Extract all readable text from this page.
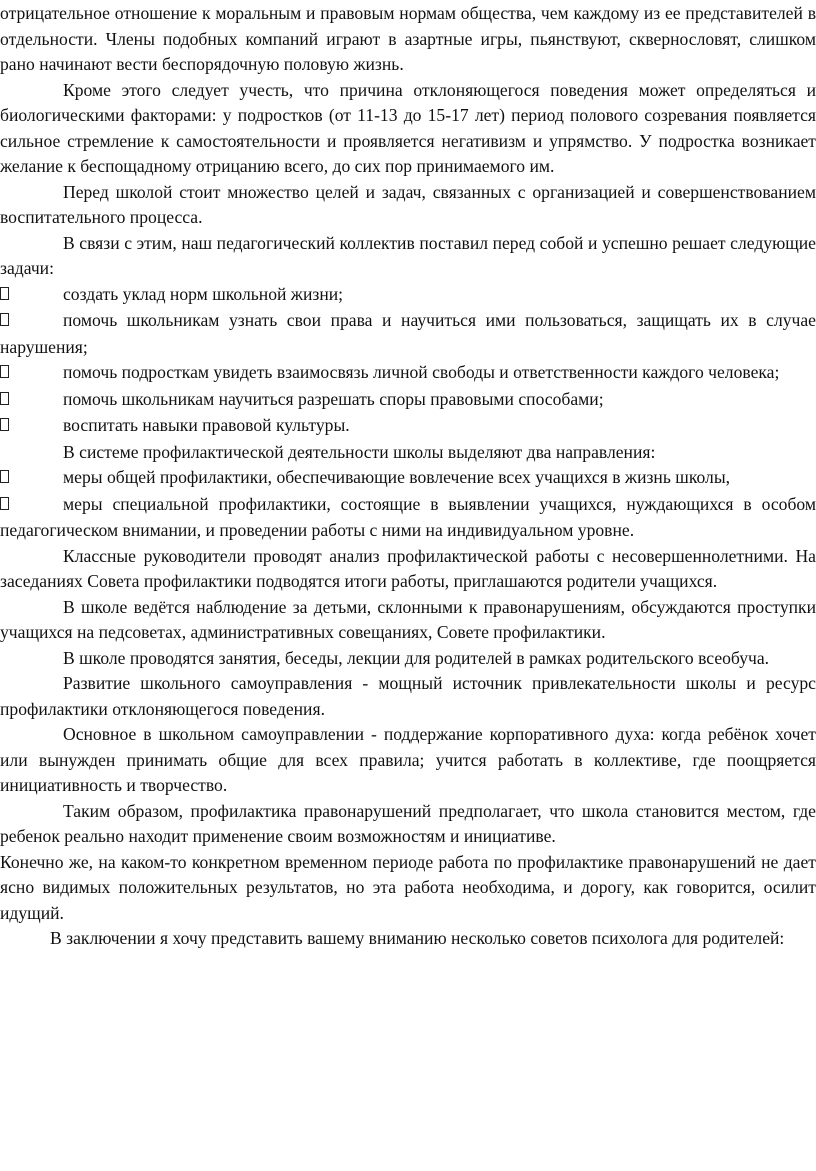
отрицательное отношение к моральным и правовым нормам общества, чем каждому из ее представителей в отдельности. Члены подобных компаний играют в азартные игры, пьянствуют, сквернословят, слишком рано начинают вести беспорядочную половую жизнь.

Кроме этого следует учесть, что причина отклоняющегося поведения может определяться и биологическими факторами: у подростков (от 11-13 до 15-17 лет) период полового созревания появляется сильное стремление к самостоятельности и проявляется негативизм и упрямство. У подростка возникает желание к беспощадному отрицанию всего, до сих пор принимаемого им.

Перед школой стоит множество целей и задач, связанных с организацией и совершенствованием воспитательного процесса.

В связи с этим, наш педагогический коллектив поставил перед собой и успешно решает следующие задачи:

создать уклад норм школьной жизни;

помочь школьникам узнать свои права и научиться ими пользоваться, защищать их в случае нарушения;

помочь подросткам увидеть взаимосвязь личной свободы и ответственности каждого человека;

помочь школьникам научиться разрешать споры правовыми способами;

воспитать навыки правовой культуры.

В системе профилактической деятельности школы выделяют два направления:

меры общей профилактики, обеспечивающие вовлечение всех учащихся в жизнь школы,

меры специальной профилактики, состоящие в выявлении учащихся, нуждающихся в особом педагогическом внимании, и проведении работы с ними на индивидуальном уровне.

Классные руководители проводят анализ профилактической работы с несовершеннолетними. На заседаниях Совета профилактики подводятся итоги работы, приглашаются родители учащихся.

В школе ведётся наблюдение за детьми, склонными к правонарушениям, обсуждаются проступки учащихся на педсоветах, административных совещаниях, Совете профилактики.

В школе проводятся занятия, беседы, лекции для родителей в рамках родительского всеобуча.

Развитие школьного самоуправления - мощный источник привлекательности школы и ресурс профилактики отклоняющегося поведения.

Основное в школьном самоуправлении - поддержание корпоративного духа: когда ребёнок хочет или вынужден принимать общие для всех правила; учится работать в коллективе, где поощряется инициативность и творчество.

Таким образом, профилактика правонарушений предполагает, что школа становится местом, где ребенок реально находит применение своим возможностям и инициативе.

Конечно же, на каком-то конкретном временном периоде работа по профилактике правонарушений не дает ясно видимых положительных результатов, но эта работа необходима, и дорогу, как говорится, осилит идущий.

В заключении я хочу представить вашему вниманию несколько советов психолога для родителей:
